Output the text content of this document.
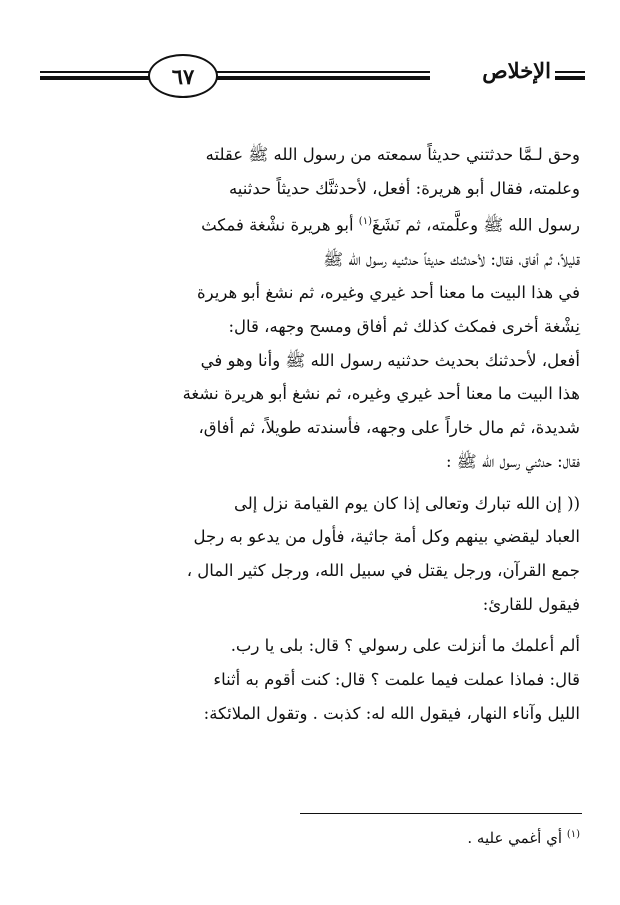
٦٧	الإخلاص

وحق لـمَّا حدثتني حديثاً سمعته من رسول الله ﷺ عقلته
وعلمته، فقال أبو هريرة: أفعل، لأحدثنَّك حديثاً حدثنيه
رسول الله ﷺ وعلَّمته، ثم نَشَغَ$^{(١)}$ أبو هريرة نشْغة فمكث
قليلاً، ثم أفاق، فقال: لأحدثنك حديثاً حدثنيه رسول الله ﷺ
في هذا البيت ما معنا أحد غيري وغيره، ثم نشغ أبو هريرة
نِشْغة أخرى فمكث كذلك ثم أفاق ومسح وجهه، قال:
أفعل، لأحدثنك بحديث حدثنيه رسول الله ﷺ وأنا وهو في
هذا البيت ما معنا أحد غيري وغيره، ثم نشغ أبو هريرة نشغة
شديدة، ثم مال خاراً على وجهه، فأسندته طويلاً، ثم أفاق،
فقال: حدثني رسول الله ﷺ :

(( إن الله تبارك وتعالى إذا كان يوم القيامة نزل إلى
العباد ليقضي بينهم وكل أمة جاثية، فأول من يدعو به رجل
جمع القرآن، ورجل يقتل في سبيل الله، ورجل كثير المال ،
فيقول للقارئ:

ألم أعلمك ما أنزلت على رسولي ؟ قال: بلى يا رب.
قال: فماذا عملت فيما علمت ؟ قال: كنت أقوم به أثناء
الليل وآناء النهار، فيقول الله له: كذبت . وتقول الملائكة:

$^{(١)}$ أي أغمي عليه .
